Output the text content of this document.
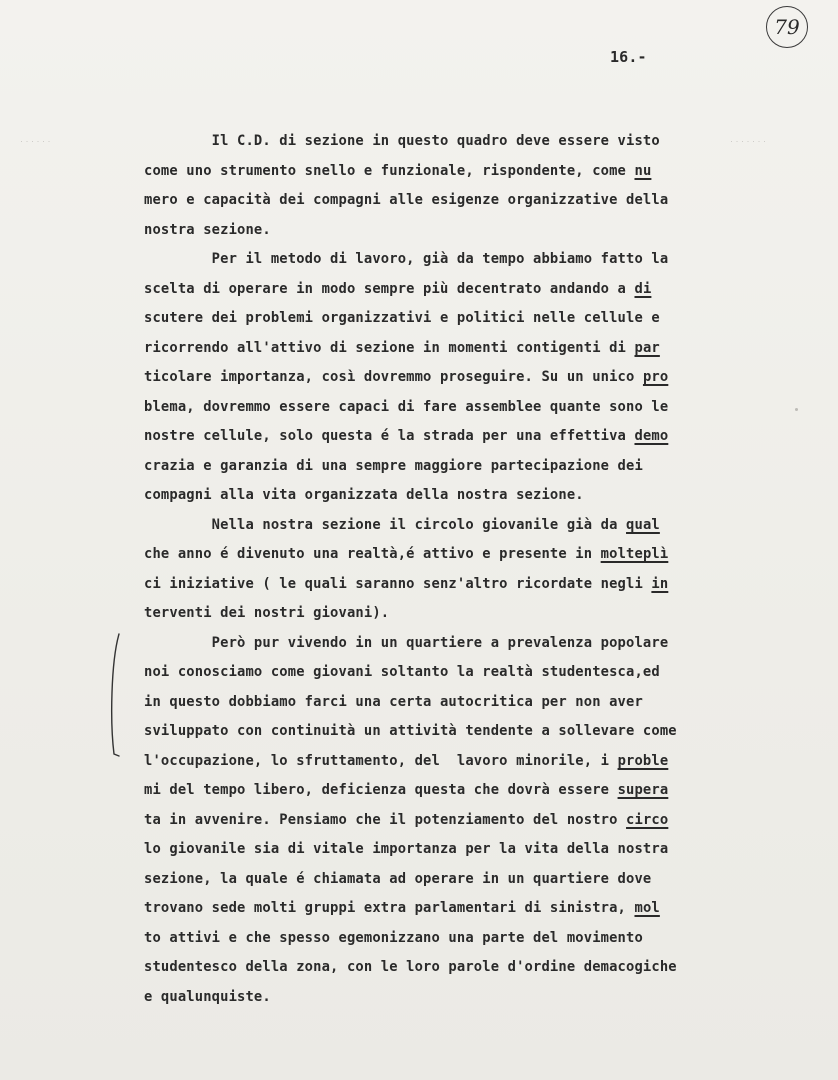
79
16.-
· · · · · ·	· · · · · · ·
Il C.D. di sezione in questo quadro deve essere visto
come uno strumento snello e funzionale, rispondente, come nu
mero e capacità dei compagni alle esigenze organizzative della
nostra sezione.
Per il metodo di lavoro, già da tempo abbiamo fatto la
scelta di operare in modo sempre più decentrato andando a di
scutere dei problemi organizzativi e politici nelle cellule e
ricorrendo all'attivo di sezione in momenti contigenti di par
ticolare importanza, così dovremmo proseguire. Su un unico pro
blema, dovremmo essere capaci di fare assemblee quante sono le
nostre cellule, solo questa é la strada per una effettiva demo
crazia e garanzia di una sempre maggiore partecipazione dei
compagni alla vita organizzata della nostra sezione.
Nella nostra sezione il circolo giovanile già da qual
che anno é divenuto una realtà,é attivo e presente in molteplì
ci iniziative ( le quali saranno senz'altro ricordate negli in
terventi dei nostri giovani).
Però pur vivendo in un quartiere a prevalenza popolare
noi conosciamo come giovani soltanto la realtà studentesca,ed
in questo dobbiamo farci una certa autocritica per non aver
sviluppato con continuità un attività tendente a sollevare come
l'occupazione, lo sfruttamento, del  lavoro minorile, i proble
mi del tempo libero, deficienza questa che dovrà essere supera
ta in avvenire. Pensiamo che il potenziamento del nostro circo
lo giovanile sia di vitale importanza per la vita della nostra
sezione, la quale é chiamata ad operare in un quartiere dove
trovano sede molti gruppi extra parlamentari di sinistra, mol
to attivi e che spesso egemonizzano una parte del movimento
studentesco della zona, con le loro parole d'ordine demacogiche
e qualunquiste.
